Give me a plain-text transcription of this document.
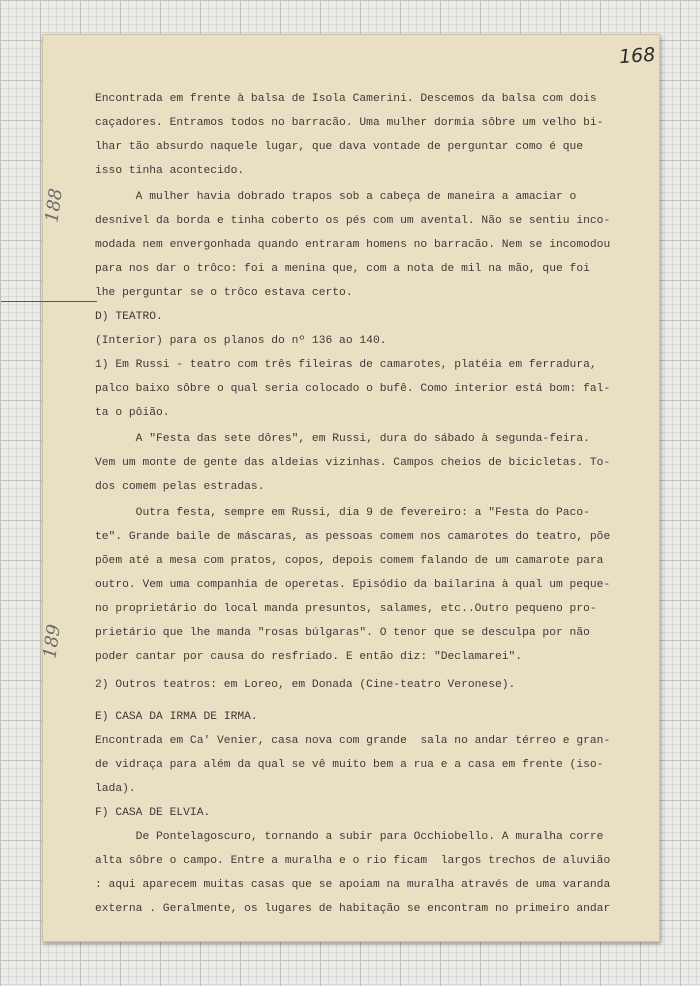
168
188
189
Encontrada em frente à balsa de Isola Camerini. Descemos da balsa com dois
caçadores. Entramos todos no barracão. Uma mulher dormia sôbre um velho bi-
lhar tão absurdo naquele lugar, que dava vontade de perguntar como é que
isso tinha acontecido.
A mulher havia dobrado trapos sob a cabeça de maneira a amaciar o
desnível da borda e tinha coberto os pés com um avental. Não se sentiu inco-
modada nem envergonhada quando entraram homens no barracão. Nem se incomodou
para nos dar o trôco: foi a menina que, com a nota de mil na mão, que foi
lhe perguntar se o trôco estava certo.
D) TEATRO.
(Interior) para os planos do nº 136 ao 140.
1) Em Russi - teatro com três fileiras de camarotes, platéia em ferradura,
palco baixo sôbre o qual seria colocado o bufê. Como interior está bom: fal-
ta o pôião.
A "Festa das sete dôres", em Russi, dura do sábado à segunda-feira.
Vem um monte de gente das aldeias vizinhas. Campos cheios de bicicletas. To-
dos comem pelas estradas.
Outra festa, sempre em Russi, dia 9 de fevereiro: a "Festa do Paco-
te". Grande baile de máscaras, as pessoas comem nos camarotes do teatro, põe
põem até a mesa com pratos, copos, depois comem falando de um camarote para
outro. Vem uma companhia de operetas. Episódio da bailarina à qual um peque-
no proprietário do local manda presuntos, salames, etc..Outro pequeno pro-
prietário que lhe manda "rosas búlgaras". O tenor que se desculpa por não
poder cantar por causa do resfriado. E então diz: "Declamarei".
2) Outros teatros: em Loreo, em Donada (Cine-teatro Veronese).
E) CASA DA IRMÃ DE IRMA.
Encontrada em Ca' Venier, casa nova com grande  sala no andar térreo e gran-
de vidraça para além da qual se vê muito bem a rua e a casa em frente (iso-
lada).
F) CASA DE ELVIA.
De Pontelagoscuro, tornando a subir para Occhiobello. A muralha corre
alta sôbre o campo. Entre a muralha e o rio ficam  largos trechos de aluvião
: aqui aparecem muitas casas que se apoiam na muralha através de uma varanda
externa . Geralmente, os lugares de habitação se encontram no primeiro andar
